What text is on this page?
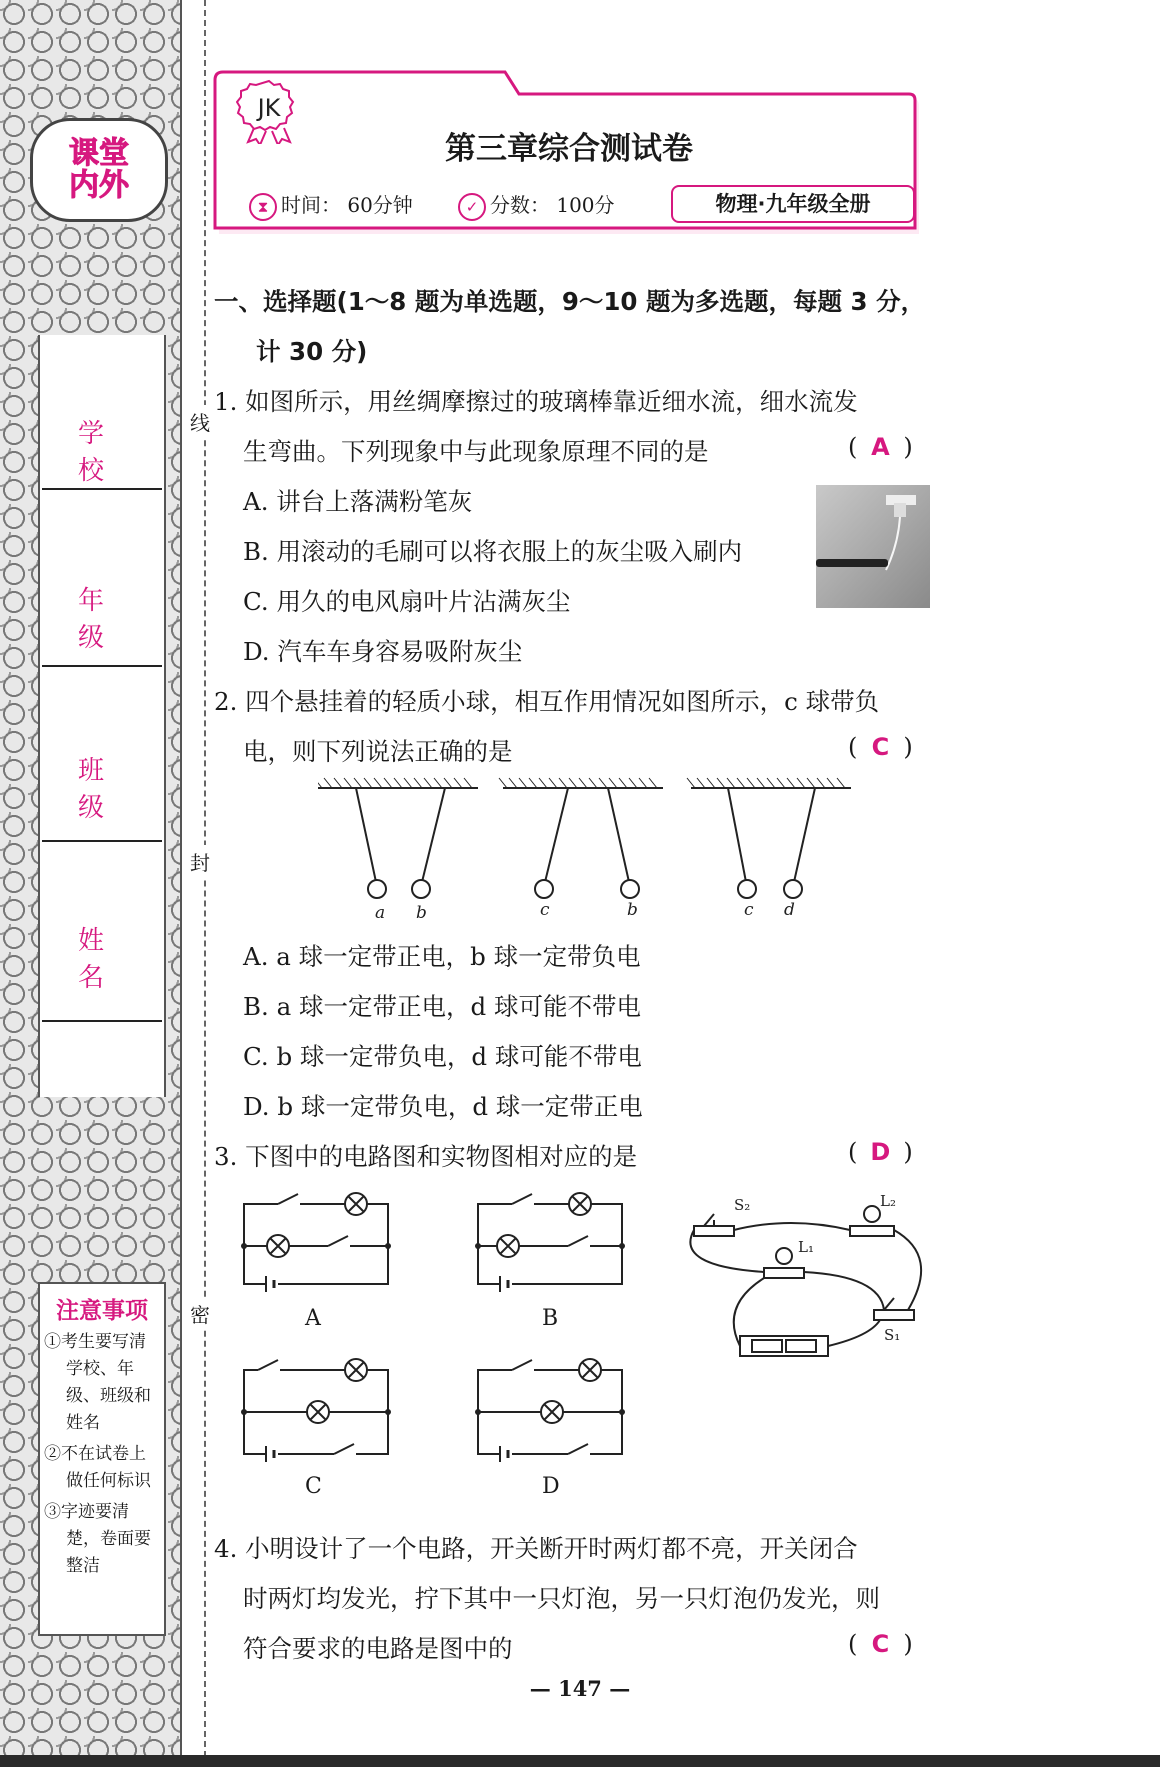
课堂
内外
学 校
年 级
班 级
姓 名
注意事项
①考生要写清学校、年级、班级和姓名
②不在试卷上做任何标识
③字迹要清楚，卷面要整洁
线
封
密
JK
第三章综合测试卷
⧗ 时间： 60分钟	✓ 分数： 100分	物理·九年级全册
一、选择题(1～8 题为单选题，9～10 题为多选题，每题 3 分，
计 30 分)
1. 如图所示，用丝绸摩擦过的玻璃棒靠近细水流，细水流发
生弯曲。下列现象中与此现象原理不同的是	( A )
A. 讲台上落满粉笔灰
B. 用滚动的毛刷可以将衣服上的灰尘吸入刷内
C. 用久的电风扇叶片沾满灰尘
D. 汽车车身容易吸附灰尘
2. 四个悬挂着的轻质小球，相互作用情况如图所示，c 球带负
电，则下列说法正确的是	( C )
a b	c	b	c d
A. a 球一定带正电，b 球一定带负电
B. a 球一定带正电，d 球可能不带电
C. b 球一定带负电，d 球可能不带电
D. b 球一定带负电，d 球一定带正电
3. 下图中的电路图和实物图相对应的是	( D )
A	B
C	D
S₂	L₂
L₁
S₁
4. 小明设计了一个电路，开关断开时两灯都不亮，开关闭合
时两灯均发光，拧下其中一只灯泡，另一只灯泡仍发光，则
符合要求的电路是图中的	( C )
— 147 —
